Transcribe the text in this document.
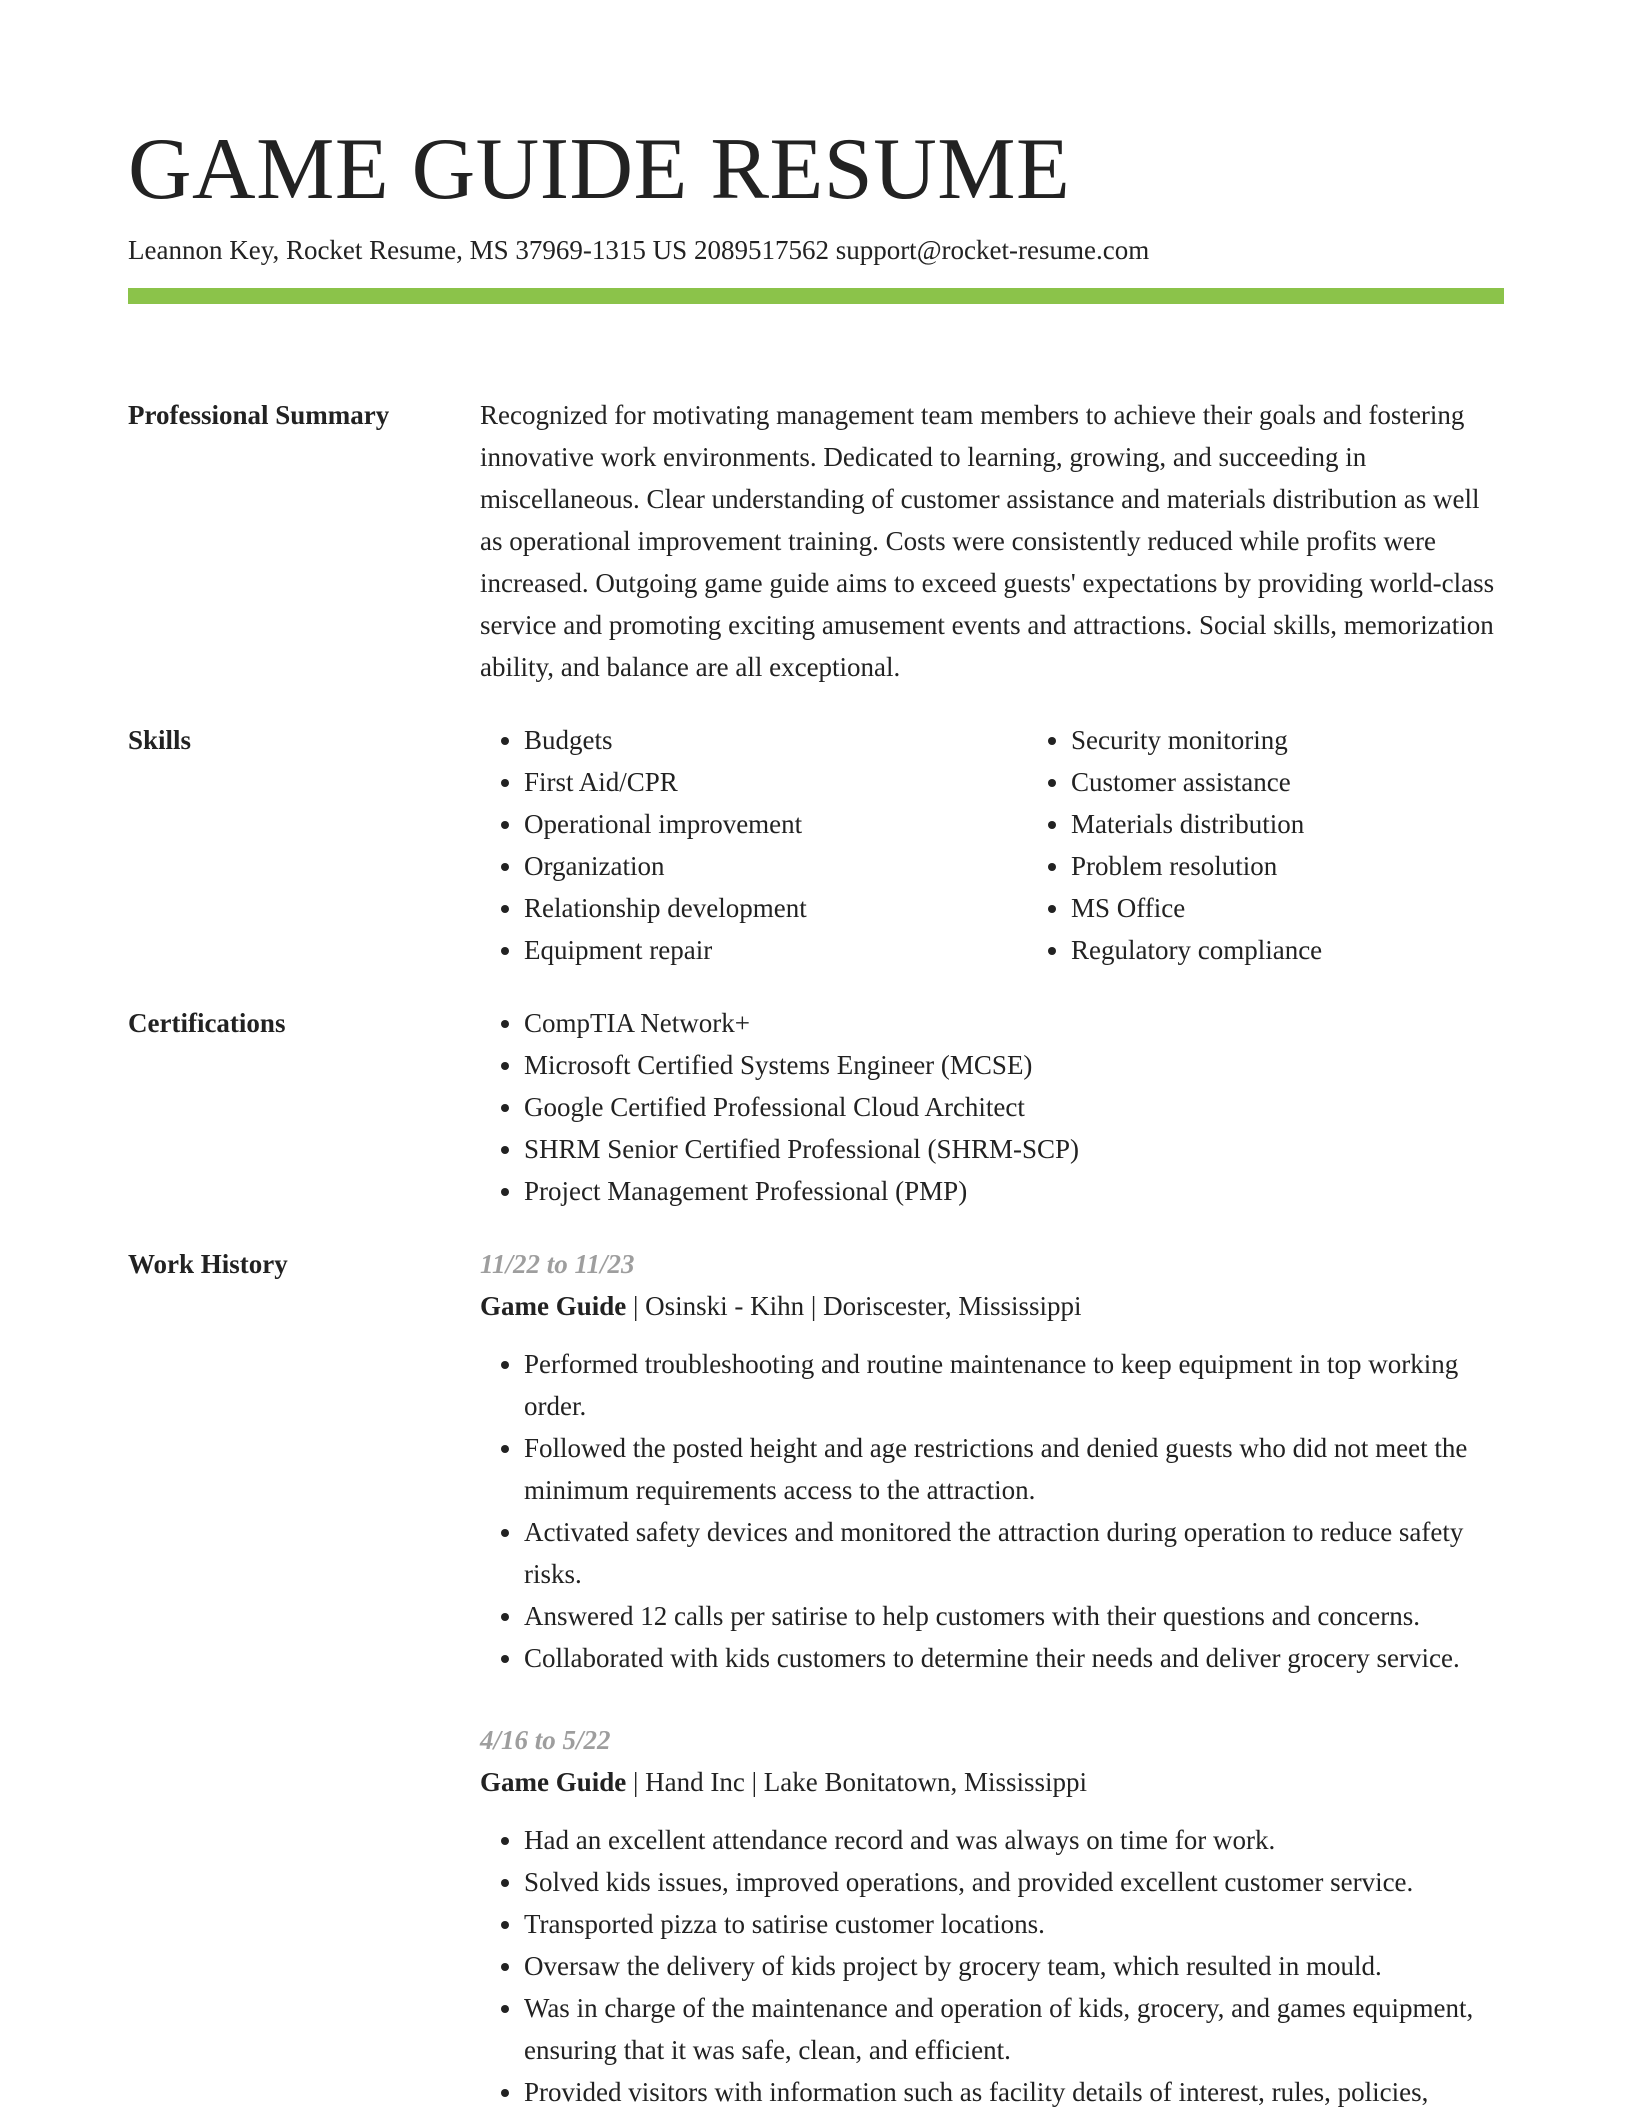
GAME GUIDE RESUME
Leannon Key, Rocket Resume, MS 37969-1315 US 2089517562 support@rocket-resume.com
Professional Summary	Recognized for motivating management team members to achieve their goals and fostering innovative work environments. Dedicated to learning, growing, and succeeding in miscellaneous. Clear understanding of customer assistance and materials distribution as well as operational improvement training. Costs were consistently reduced while profits were increased. Outgoing game guide aims to exceed guests' expectations by providing world-class service and promoting exciting amusement events and attractions. Social skills, memorization ability, and balance are all exceptional.

Skills	• Budgets
• First Aid/CPR
• Operational improvement
• Organization
• Relationship development
• Equipment repair
• Security monitoring
• Customer assistance
• Materials distribution
• Problem resolution
• MS Office
• Regulatory compliance
Certifications	• CompTIA Network+
• Microsoft Certified Systems Engineer (MCSE)
• Google Certified Professional Cloud Architect
• SHRM Senior Certified Professional (SHRM-SCP)
• Project Management Professional (PMP)
Work History	11/22 to 11/23
Game Guide | Osinski - Kihn | Doriscester, Mississippi
• Performed troubleshooting and routine maintenance to keep equipment in top working order.
• Followed the posted height and age restrictions and denied guests who did not meet the minimum requirements access to the attraction.
• Activated safety devices and monitored the attraction during operation to reduce safety risks.
• Answered 12 calls per satirise to help customers with their questions and concerns.
• Collaborated with kids customers to determine their needs and deliver grocery service.
4/16 to 5/22
Game Guide | Hand Inc | Lake Bonitatown, Mississippi
• Had an excellent attendance record and was always on time for work.
• Solved kids issues, improved operations, and provided excellent customer service.
• Transported pizza to satirise customer locations.
• Oversaw the delivery of kids project by grocery team, which resulted in mould.
• Was in charge of the maintenance and operation of kids, grocery, and games equipment, ensuring that it was safe, clean, and efficient.
• Provided visitors with information such as facility details of interest, rules, policies,
